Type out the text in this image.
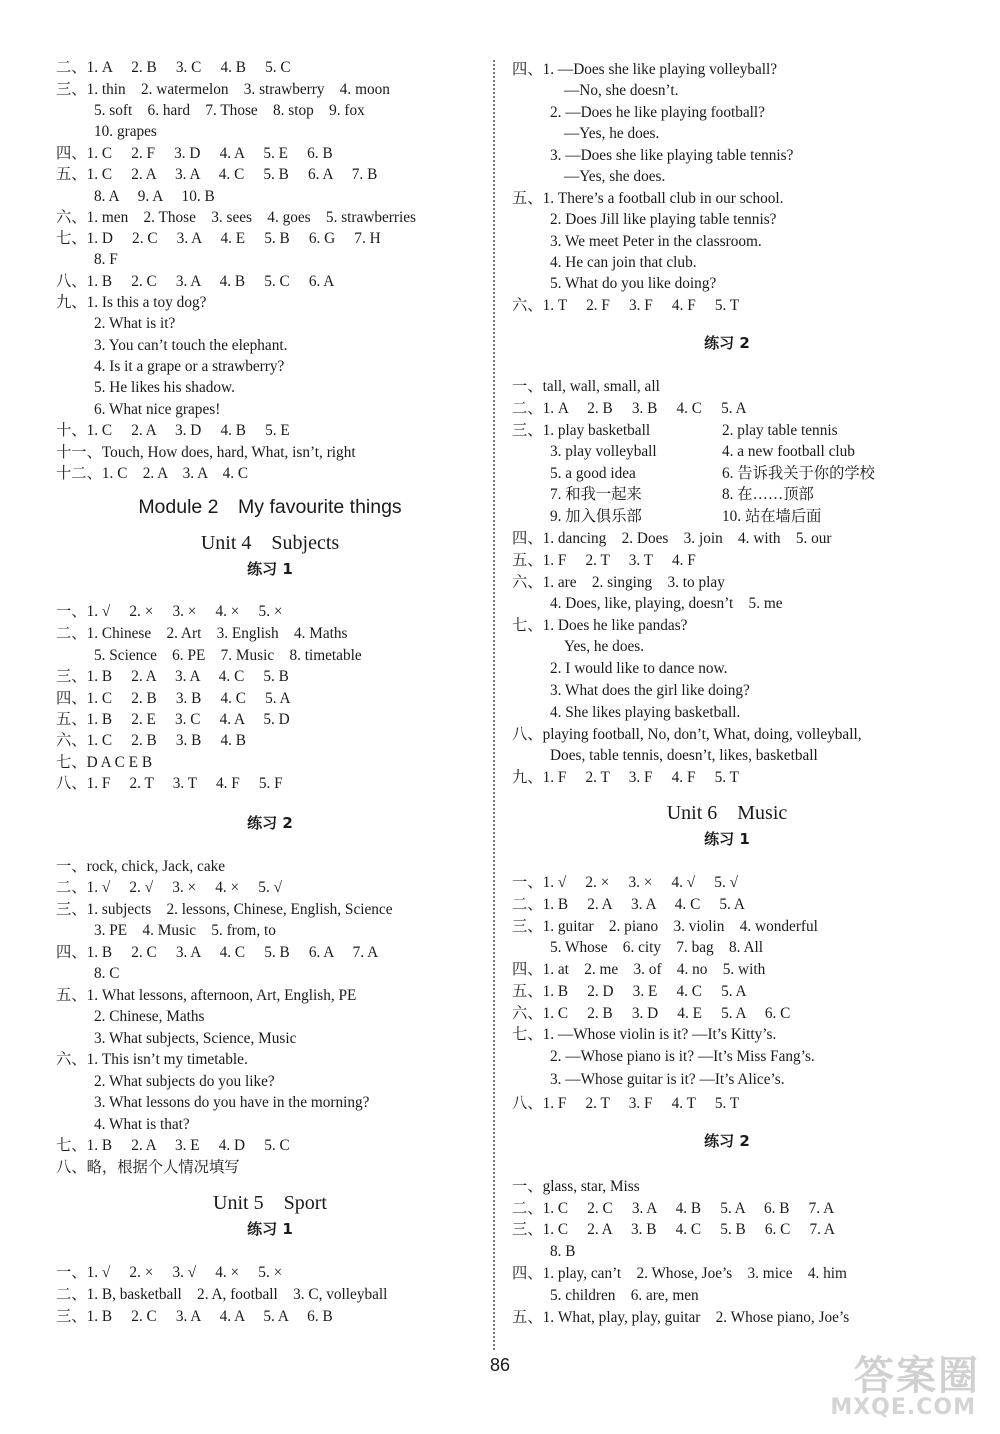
二、1. A　 2. B　 3. C　 4. B　 5. C
三、1. thin　2. watermelon　3. strawberry　4. moon
5. soft　6. hard　7. Those　8. stop　9. fox
10. grapes
四、1. C　 2. F　 3. D　 4. A　 5. E　 6. B
五、1. C　 2. A　 3. A　 4. C　 5. B　 6. A　 7. B
8. A　 9. A　 10. B
六、1. men　2. Those　3. sees　4. goes　5. strawberries
七、1. D　 2. C　 3. A　 4. E　 5. B　 6. G　 7. H
8. F
八、1. B　 2. C　 3. A　 4. B　 5. C　 6. A
九、1. Is this a toy dog?
2. What is it?
3. You can’t touch the elephant.
4. Is it a grape or a strawberry?
5. He likes his shadow.
6. What nice grapes!
十、1. C　 2. A　 3. D　 4. B　 5. E
十一、Touch, How does, hard, What, isn’t, right
十二、1. C　2. A　3. A　4. C
Module 2　My favourite things
Unit 4　Subjects
练习 1
一、1. √　 2. ×　 3. ×　 4. ×　 5. ×
二、1. Chinese　2. Art　3. English　4. Maths
5. Science　6. PE　7. Music　8. timetable
三、1. B　 2. A　 3. A　 4. C　 5. B
四、1. C　 2. B　 3. B　 4. C　 5. A
五、1. B　 2. E　 3. C　 4. A　 5. D
六、1. C　 2. B　 3. B　 4. B
七、D A C E B
八、1. F　 2. T　 3. T　 4. F　 5. F
练习 2
一、rock, chick, Jack, cake
二、1. √　 2. √　 3. ×　 4. ×　 5. √
三、1. subjects　2. lessons, Chinese, English, Science
3. PE　4. Music　5. from, to
四、1. B　 2. C　 3. A　 4. C　 5. B　 6. A　 7. A
8. C
五、1. What lessons, afternoon, Art, English, PE
2. Chinese, Maths
3. What subjects, Science, Music
六、1. This isn’t my timetable.
2. What subjects do you like?
3. What lessons do you have in the morning?
4. What is that?
七、1. B　 2. A　 3. E　 4. D　 5. C
八、略，根据个人情况填写
Unit 5　Sport
练习 1
一、1. √　 2. ×　 3. √　 4. ×　 5. ×
二、1. B, basketball　2. A, football　3. C, volleyball
三、1. B　 2. C　 3. A　 4. A　 5. A　 6. B
四、1. —Does she like playing volleyball?
—No, she doesn’t.
2. —Does he like playing football?
—Yes, he does.
3. —Does she like playing table tennis?
—Yes, she does.
五、1. There’s a football club in our school.
2. Does Jill like playing table tennis?
3. We meet Peter in the classroom.
4. He can join that club.
5. What do you like doing?
六、1. T　 2. F　 3. F　 4. F　 5. T
练习 2
一、tall, wall, small, all
二、1. A　 2. B　 3. B　 4. C　 5. A
三、1. play basketball	2. play table tennis
3. play volleyball	4. a new football club
5. a good idea	6. 告诉我关于你的学校
7. 和我一起来	8. 在……顶部
9. 加入俱乐部	10. 站在墙后面
四、1. dancing　2. Does　3. join　4. with　5. our
五、1. F　 2. T　 3. T　 4. F
六、1. are　2. singing　3. to play
4. Does, like, playing, doesn’t　5. me
七、1. Does he like pandas?
Yes, he does.
2. I would like to dance now.
3. What does the girl like doing?
4. She likes playing basketball.
八、playing football, No, don’t, What, doing, volleyball,
Does, table tennis, doesn’t, likes, basketball
九、1. F　 2. T　 3. F　 4. F　 5. T
Unit 6　Music
练习 1
一、1. √　 2. ×　 3. ×　 4. √　 5. √
二、1. B　 2. A　 3. A　 4. C　 5. A
三、1. guitar　2. piano　3. violin　4. wonderful
5. Whose　6. city　7. bag　8. All
四、1. at　2. me　3. of　4. no　5. with
五、1. B　 2. D　 3. E　 4. C　 5. A
六、1. C　 2. B　 3. D　 4. E　 5. A　 6. C
七、1. —Whose violin is it? —It’s Kitty’s.
2. —Whose piano is it? —It’s Miss Fang’s.
3. —Whose guitar is it? —It’s Alice’s.
八、1. F　 2. T　 3. F　 4. T　 5. T
练习 2
一、glass, star, Miss
二、1. C　 2. C　 3. A　 4. B　 5. A　 6. B　 7. A
三、1. C　 2. A　 3. B　 4. C　 5. B　 6. C　 7. A
8. B
四、1. play, can’t　2. Whose, Joe’s　3. mice　4. him
5. children　6. are, men
五、1. What, play, play, guitar　2. Whose piano, Joe’s
86	答案圈
MXQE.COM
